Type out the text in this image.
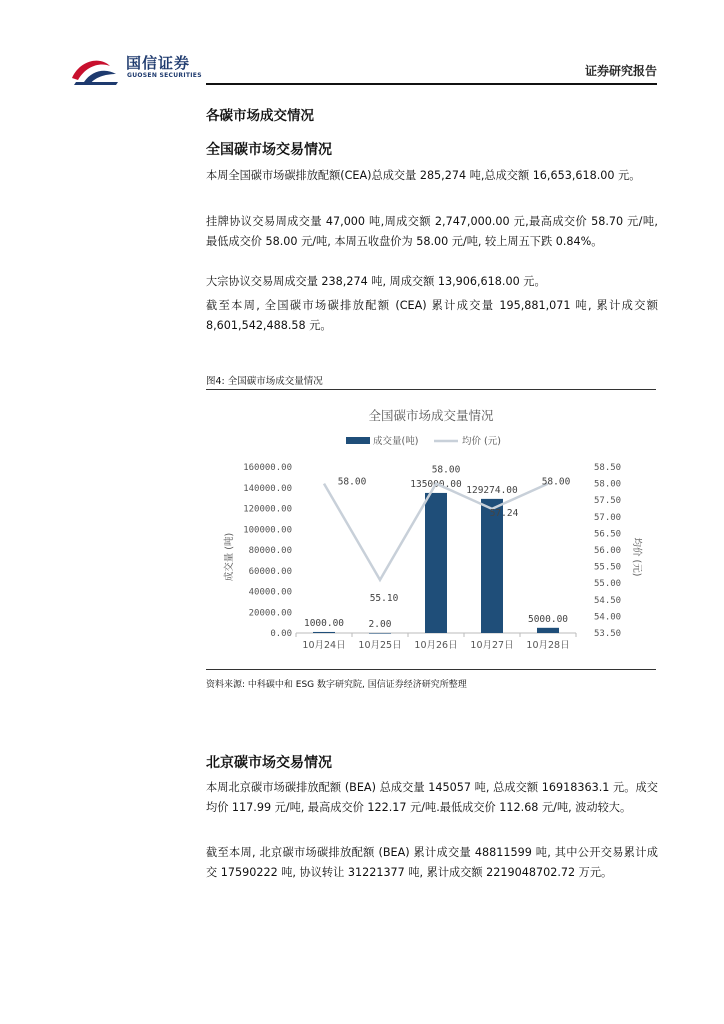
国信证券
GUOSEN SECURITIES	证券研究报告
各碳市场成交情况
全国碳市场交易情况

本周全国碳市场碳排放配额(CEA)总成交量 285,274 吨,总成交额 16,653,618.00 元。

挂牌协议交易周成交量 47,000 吨,周成交额 2,747,000.00 元,最高成交价 58.70 元/吨, 最低成交价 58.00 元/吨, 本周五收盘价为 58.00 元/吨, 较上周五下跌 0.84%。

大宗协议交易周成交量 238,274 吨, 周成交额 13,906,618.00 元。

截至本周, 全国碳市场碳排放配额 (CEA) 累计成交量 195,881,071 吨, 累计成交额 8,601,542,488.58 元。

图4: 全国碳市场成交量情况
全国碳市场成交量情况
成交量(吨)	均价 (元)
成交量 (吨)	均价 (元)
0.00
20000.00
40000.00
60000.00
80000.00
100000.00
120000.00
140000.00
160000.00
53.50
54.00
54.50
55.00
55.50
56.00
56.50
57.00
57.50
58.00
58.50
1000.00	2.00
135000.00
129274.00
5000.00
10月24日 10月25日 10月26日 10月27日 10月28日
58.00
55.10
58.00
57.24
58.00
资料来源: 中科碳中和 ESG 数字研究院, 国信证券经济研究所整理
北京碳市场交易情况

本周北京碳市场碳排放配额 (BEA) 总成交量 145057 吨, 总成交额 16918363.1 元。成交均价 117.99 元/吨, 最高成交价 122.17 元/吨.最低成交价 112.68 元/吨, 波动较大。

截至本周, 北京碳市场碳排放配额 (BEA) 累计成交量 48811599 吨, 其中公开交易累计成交 17590222 吨, 协议转让 31221377 吨, 累计成交额 2219048702.72 万元。
